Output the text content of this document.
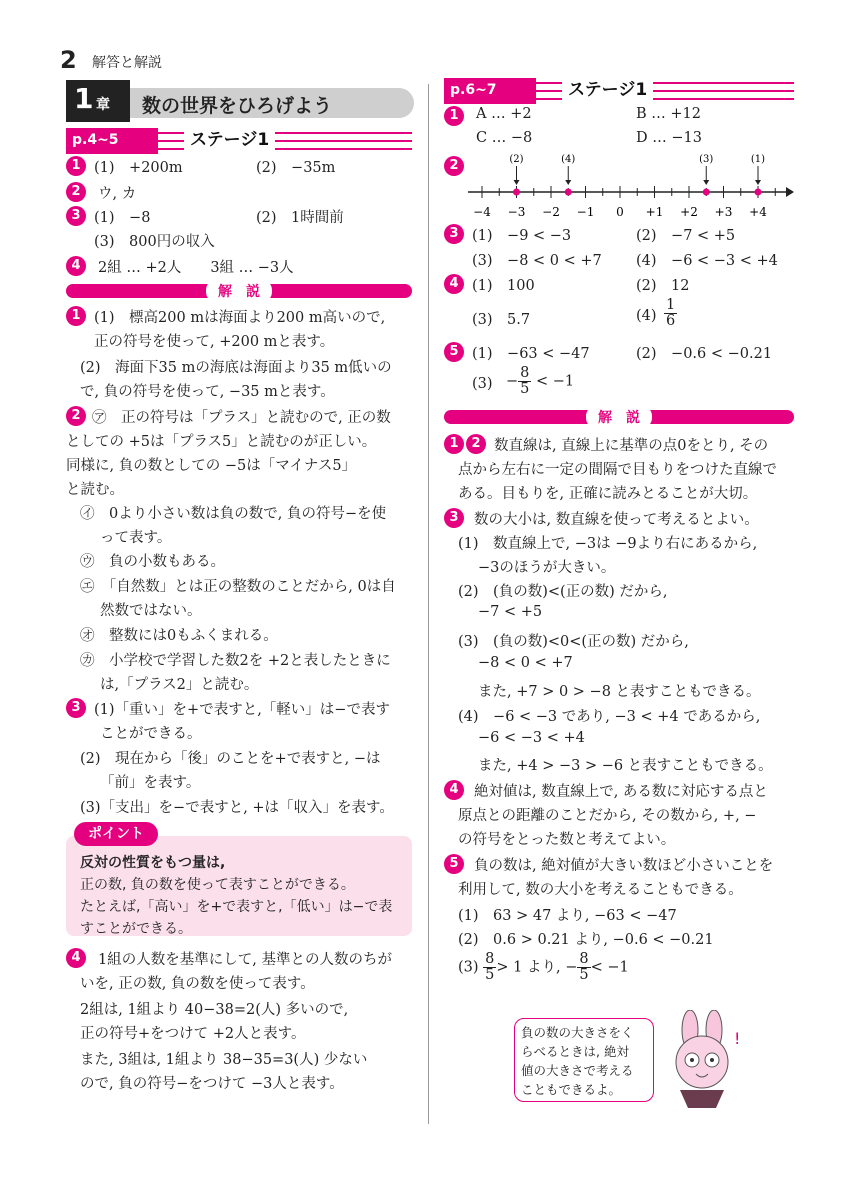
2 解答と解説
1 章 数の世界をひろげよう
p.4~5	ステージ1
1 (1)　+200m	(2)　−35m
2	ウ, カ
3 (1)　−8	(2)　1時間前
(3)　800円の収入
4	2組 … +2人　　3組 … −3人
解　説
1 (1)　標高200 mは海面より200 m高いので,
正の符号を使って, +200 mと表す。
(2)　海面下35 mの海底は海面より35 m低いの
で, 負の符号を使って, −35 mと表す。
2 ㋐　正の符号は「プラス」と読むので, 正の数
としての +5は「プラス5」と読むのが正しい。
同様に, 負の数としての −5は「マイナス5」
と読む。
㋑　0より小さい数は負の数で, 負の符号−を使
って表す。
㋒　負の小数もある。
㋓　「自然数」とは正の整数のことだから, 0は自
然数ではない。
㋔　整数には0もふくまれる。
㋕　小学校で学習した数2を +2と表したときに
は,「プラス2」と読む。
3 (1)「重い」を+で表すと,「軽い」は−で表す
ことができる。
(2)　現在から「後」のことを+で表すと, −は
「前」を表す。
(3)「支出」を−で表すと, +は「収入」を表す。
ポイント
反対の性質をもつ量は,
正の数, 負の数を使って表すことができる。
たとえば,「高い」を+で表すと,「低い」は−で表
すことができる。
4	1組の人数を基準にして, 基準との人数のちが
いを, 正の数, 負の数を使って表す。
2組は, 1組より 40−38=2(人) 多いので,
正の符号+をつけて +2人と表す。
また, 3組は, 1組より 38−35=3(人) 少ない
ので, 負の符号−をつけて −3人と表す。
p.6~7	ステージ1
1	A … +2	B … +12
C … −8	D … −13
2
−4 −3 −2 −1 0 +1 +2 +3 +4
(2)	(4)	(3)	(1)
3 (1)　−9 < −3	(2)　−7 < +5
(3)　−8 < 0 < +7 (4)　−6 < −3 < +4
4 (1)　100	(2)　12
(3)　5.7	$(4) \frac{1}{6}$
5 (1)　−63 < −47	(2)　−0.6 < −0.21
$(3) - \frac{8}{5} < -1$
解　説
1 2 数直線は, 直線上に基準の点0をとり, その
点から左右に一定の間隔で目もりをつけた直線で
ある。目もりを, 正確に読みとることが大切。
3	数の大小は, 数直線を使って考えるとよい。
(1)　数直線上で, −3は −9より右にあるから,
−3のほうが大きい。
(2)　(負の数)<(正の数) だから,
−7 < +5
(3)　(負の数)<0<(正の数) だから,
−8 < 0 < +7
また, +7 > 0 > −8 と表すこともできる。
(4)　−6 < −3 であり, −3 < +4 であるから,
−6 < −3 < +4
また, +4 > −3 > −6 と表すこともできる。
4	絶対値は, 数直線上で, ある数に対応する点と
原点との距離のことだから, その数から, +, −
の符号をとった数と考えてよい。
5	負の数は, 絶対値が大きい数ほど小さいことを
利用して, 数の大小を考えることもできる。
(1)　63 > 47 より, −63 < −47
(2)　0.6 > 0.21 より, −0.6 < −0.21
$(3) \frac{8}{5} > 1$ より, − $\frac{8}{5} < -1$
負の数の大きさをく
らべるときは, 絶対
値の大きさで考える
こともできるよ。
!
